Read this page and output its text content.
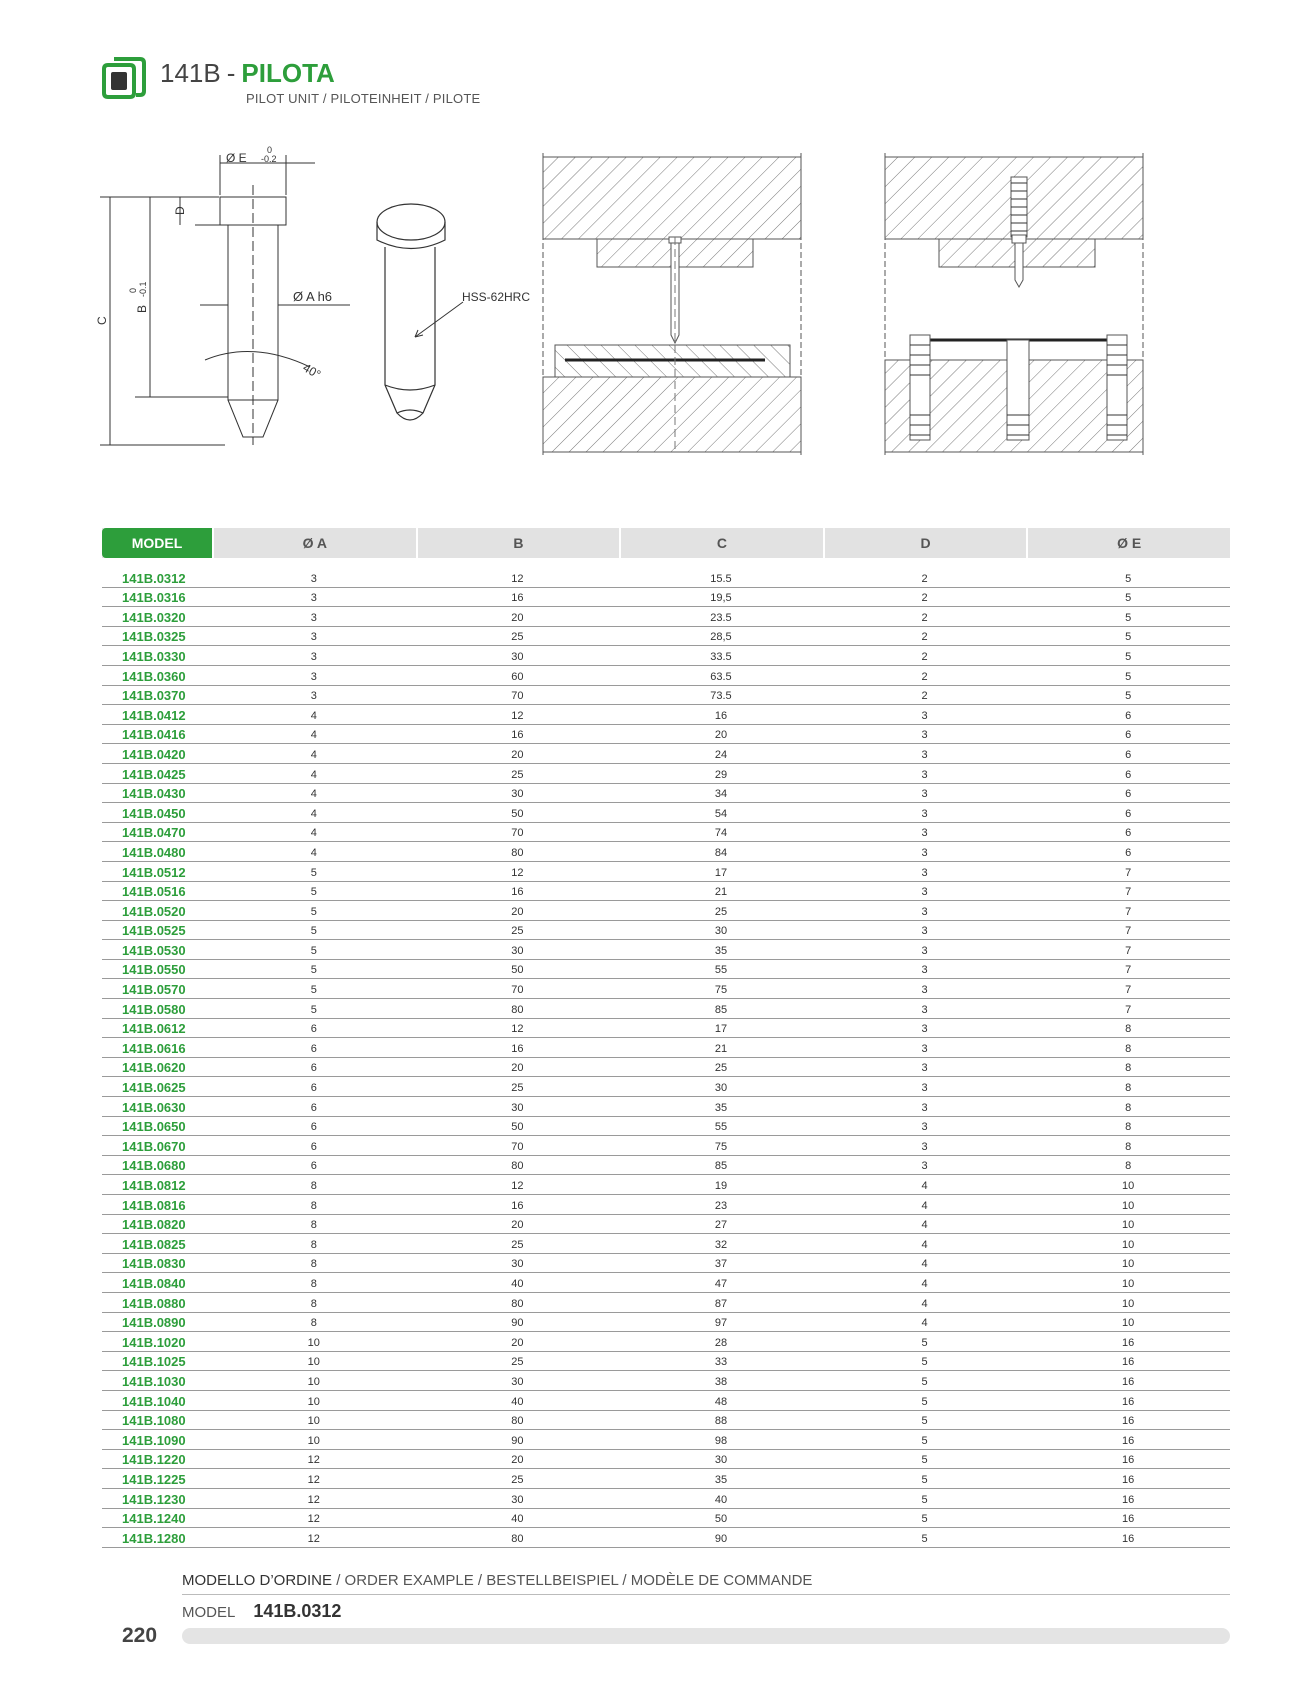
141B - PILOTA
PILOT UNIT / PILOTEINHEIT / PILOTE
Ø E
0
-0.2
D
C
B
0 -0.1	Ø A h6
40°
HSS-62HRC
MODEL	Ø A	B	C	D	Ø E
141B.0312	3	12	15.5	2	5
141B.0316	3	16	19,5	2	5
141B.0320	3	20	23.5	2	5
141B.0325	3	25	28,5	2	5
141B.0330	3	30	33.5	2	5
141B.0360	3	60	63.5	2	5
141B.0370	3	70	73.5	2	5
141B.0412	4	12	16	3	6
141B.0416	4	16	20	3	6
141B.0420	4	20	24	3	6
141B.0425	4	25	29	3	6
141B.0430	4	30	34	3	6
141B.0450	4	50	54	3	6
141B.0470	4	70	74	3	6
141B.0480	4	80	84	3	6
141B.0512	5	12	17	3	7
141B.0516	5	16	21	3	7
141B.0520	5	20	25	3	7
141B.0525	5	25	30	3	7
141B.0530	5	30	35	3	7
141B.0550	5	50	55	3	7
141B.0570	5	70	75	3	7
141B.0580	5	80	85	3	7
141B.0612	6	12	17	3	8
141B.0616	6	16	21	3	8
141B.0620	6	20	25	3	8
141B.0625	6	25	30	3	8
141B.0630	6	30	35	3	8
141B.0650	6	50	55	3	8
141B.0670	6	70	75	3	8
141B.0680	6	80	85	3	8
141B.0812	8	12	19	4	10
141B.0816	8	16	23	4	10
141B.0820	8	20	27	4	10
141B.0825	8	25	32	4	10
141B.0830	8	30	37	4	10
141B.0840	8	40	47	4	10
141B.0880	8	80	87	4	10
141B.0890	8	90	97	4	10
141B.1020	10	20	28	5	16
141B.1025	10	25	33	5	16
141B.1030	10	30	38	5	16
141B.1040	10	40	48	5	16
141B.1080	10	80	88	5	16
141B.1090	10	90	98	5	16
141B.1220	12	20	30	5	16
141B.1225	12	25	35	5	16
141B.1230	12	30	40	5	16
141B.1240	12	40	50	5	16
141B.1280	12	80	90	5	16
MODELLO D’ORDINE / ORDER EXAMPLE / BESTELLBEISPIEL / MODÈLE DE COMMANDE
MODEL 141B.0312
220
